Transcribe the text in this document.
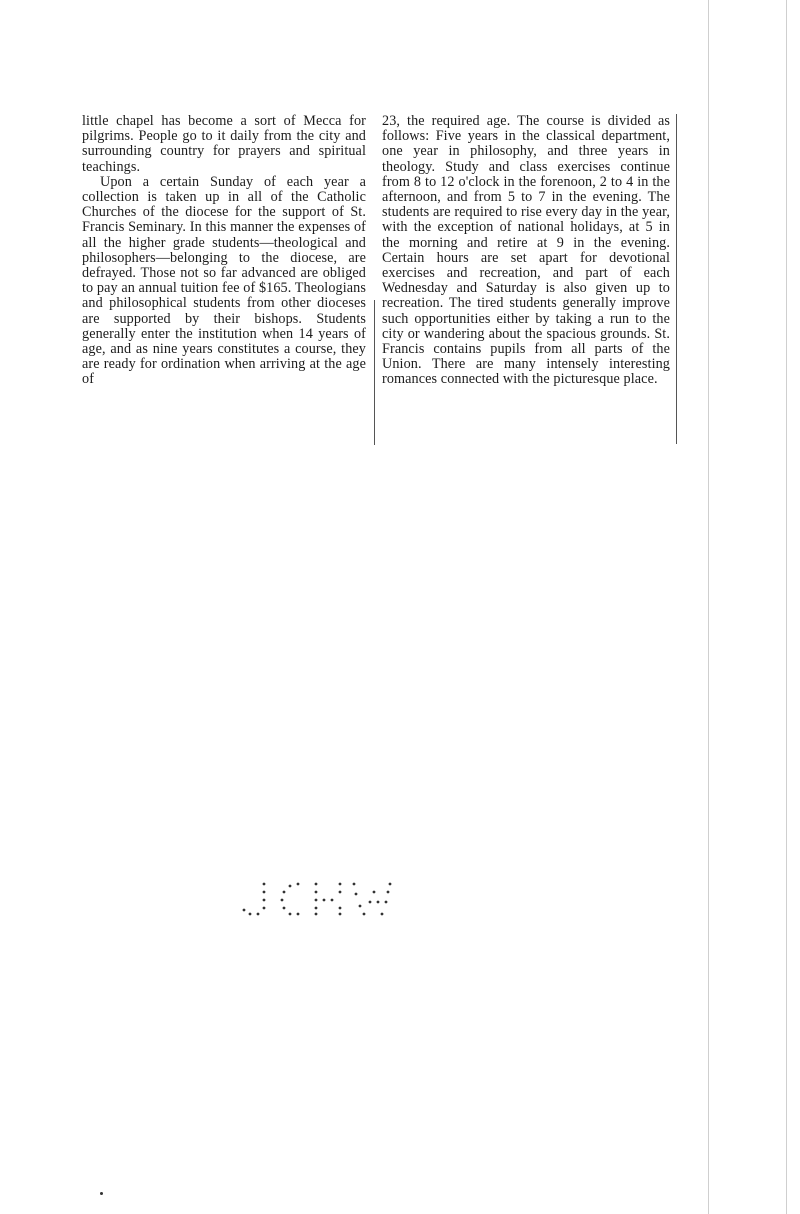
little chapel has become a sort of Mecca for pilgrims. People go to it daily from the city and surrounding country for prayers and spiritual teachings.

Upon a certain Sunday of each year a collection is taken up in all of the Catholic Churches of the diocese for the support of St. Francis Seminary. In this manner the expenses of all the higher grade students—theological and philosophers—belonging to the diocese, are defrayed. Those not so far advanced are obliged to pay an annual tuition fee of $165. Theologians and philosophical students from other dioceses are supported by their bishops. Students generally enter the institution when 14 years of age, and as nine years constitutes a course, they are ready for ordination when arriving at the age of

23, the required age. The course is divided as follows: Five years in the classical department, one year in philosophy, and three years in theology. Study and class exercises continue from 8 to 12 o'clock in the forenoon, 2 to 4 in the afternoon, and from 5 to 7 in the evening. The students are required to rise every day in the year, with the exception of national holidays, at 5 in the morning and retire at 9 in the evening. Certain hours are set apart for devotional exercises and recreation, and part of each Wednesday and Saturday is also given up to recreation. The tired students generally improve such opportunities either by taking a run to the city or wandering about the spacious grounds. St. Francis contains pupils from all parts of the Union. There are many intensely interesting romances connected with the picturesque place.
